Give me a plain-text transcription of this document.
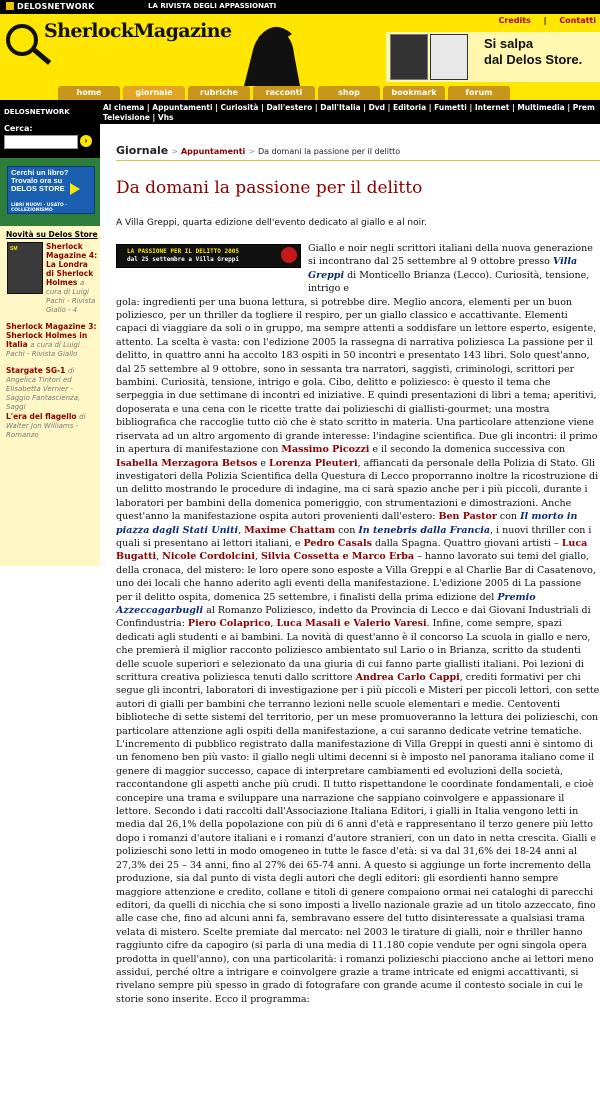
DELOSNETWORK	LA RIVISTA DEGLI APPASSIONATI
SherlockMagazine	Credits | Contatti
Si salpa
dal Delos Store.
home	giornale	rubriche	racconti	shop	bookmark	forum
DELOSNETWORK	Al cinema | Appuntamenti | Curiosità | Dall'estero | Dall'Italia | Dvd | Editoria | Fumetti | Internet | Multimedia | Prem
Televisione | Vhs
Cerca:
›
Cerchi un libro?
Trovalo ora su
DELOS STORE
LIBRI NUOVI · USATO · COLLEZIONISMO
Novità su Delos Store
SM	Sherlock Magazine 4: La Londra di Sherlock Holmes a cura di Luigi Pachì - Rivista Giallo - 4
Sherlock Magazine 3: Sherlock Holmes in Italia a cura di Luigi Pachì - Rivista Giallo
Stargate SG-1 di Angelica Tintori ed Elisabetta Vernier - Saggio Fantascienza, Saggi
L'era del flagello di Walter Jon Williams - Romanzo
Giornale > Appuntamenti > Da domani la passione per il delitto
Da domani la passione per il delitto
A Villa Greppi, quarta edizione dell'evento dedicato al giallo e al noir.
LA PASSIONE PER IL DELITTO 2005
dal 25 settembre a Villa Greppi
Giallo e noir negli scrittori italiani della nuova generazione si incontrano dal 25 settembre al 9 ottobre presso Villa Greppi di Monticello Brianza (Lecco). Curiosità, tensione, intrigo e
gola: ingredienti per una buona lettura, si potrebbe dire. Meglio ancora, elementi per un buon poliziesco, per un thriller da togliere il respiro, per un giallo classico e accattivante. Elementi capaci di viaggiare da soli o in gruppo, ma sempre attenti a soddisfare un lettore esperto, esigente, attento. La scelta è vasta: con l'edizione 2005 la rassegna di narrativa poliziesca La passione per il delitto, in quattro anni ha accolto 183 ospiti in 50 incontri e presentato 143 libri. Solo quest'anno, dal 25 settembre al 9 ottobre, sono in sessanta tra narratori, saggisti, criminologi, scrittori per bambini. Curiosità, tensione, intrigo e gola. Cibo, delitto e poliziesco: è questo il tema che serpeggia in due settimane di incontri ed iniziative. E quindi presentazioni di libri a tema; aperitivi, doposerata e una cena con le ricette tratte dai polizieschi di giallisti-gourmet; una mostra bibliografica che raccoglie tutto ciò che è stato scritto in materia. Una particolare attenzione viene riservata ad un altro argomento di grande interesse: l'indagine scientifica. Due gli incontri: il primo in apertura di manifestazione con Massimo Picozzi e il secondo la domenica successiva con Isabella Merzagora Betsos e Lorenza Pleuteri, affiancati da personale della Polizia di Stato. Gli investigatori della Polizia Scientifica della Questura di Lecco proporranno inoltre la ricostruzione di un delitto mostrando le procedure di indagine, ma ci sarà spazio anche per i più piccoli, durante i laboratori per bambini della domenica pomeriggio, con strumentazioni e dimostrazioni. Anche quest'anno la manifestazione ospita autori provenienti dall'estero: Ben Pastor con Il morto in piazza dagli Stati Uniti, Maxime Chattam con In tenebris dalla Francia, i nuovi thriller con i quali si presentano ai lettori italiani, e Pedro Casals dalla Spagna. Quattro giovani artisti – Luca Bugatti, Nicole Cordolcini, Silvia Cossetta e Marco Erba – hanno lavorato sui temi del giallo, della cronaca, del mistero: le loro opere sono esposte a Villa Greppi e al Charlie Bar di Casatenovo, uno dei locali che hanno aderito agli eventi della manifestazione. L'edizione 2005 di La passione per il delitto ospita, domenica 25 settembre, i finalisti della prima edizione del Premio Azzeccagarbugli al Romanzo Poliziesco, indetto da Provincia di Lecco e dai Giovani Industriali di Confindustria: Piero Colaprico, Luca Masali e Valerio Varesi. Infine, come sempre, spazi dedicati agli studenti e ai bambini. La novità di quest'anno è il concorso La scuola in giallo e nero, che premierà il miglior racconto poliziesco ambientato sul Lario o in Brianza, scritto da studenti delle scuole superiori e selezionato da una giuria di cui fanno parte giallisti italiani. Poi lezioni di scrittura creativa poliziesca tenuti dallo scrittore Andrea Carlo Cappi, crediti formativi per chi segue gli incontri, laboratori di investigazione per i più piccoli e Misteri per piccoli lettori, con sette autori di gialli per bambini che terranno lezioni nelle scuole elementari e medie. Centoventi biblioteche di sette sistemi del territorio, per un mese promuoveranno la lettura dei polizieschi, con particolare attenzione agli ospiti della manifestazione, a cui saranno dedicate vetrine tematiche. L'incremento di pubblico registrato dalla manifestazione di Villa Greppi in questi anni è sintomo di un fenomeno ben più vasto: il giallo negli ultimi decenni si è imposto nel panorama italiano come il genere di maggior successo, capace di interpretare cambiamenti ed evoluzioni della società, raccontandone gli aspetti anche più crudi. Il tutto rispettandone le coordinate fondamentali, e cioè concepire una trama e sviluppare una narrazione che sappiano coinvolgere e appassionare il lettore. Secondo i dati raccolti dall'Associazione Italiana Editori, i gialli in Italia vengono letti in media dal 26,1% della popolazione con più di 6 anni d'età e rappresentano il terzo genere più letto dopo i romanzi d'autore italiani e i romanzi d'autore stranieri, con un dato in netta crescita. Gialli e polizieschi sono letti in modo omogeneo in tutte le fasce d'età: si va dal 31,6% dei 18-24 anni al 27,3% dei 25 – 34 anni, fino al 27% dei 65-74 anni. A questo si aggiunge un forte incremento della produzione, sia dal punto di vista degli autori che degli editori: gli esordienti hanno sempre maggiore attenzione e credito, collane e titoli di genere compaiono ormai nei cataloghi di parecchi editori, da quelli di nicchia che si sono imposti a livello nazionale grazie ad un titolo azzeccato, fino alle case che, fino ad alcuni anni fa, sembravano essere del tutto disinteressate a qualsiasi trama velata di mistero. Scelte premiate dal mercato: nel 2003 le tirature di gialli, noir e thriller hanno raggiunto cifre da capogiro (si parla di una media di 11.180 copie vendute per ogni singola opera prodotta in quell'anno), con una particolarità: i romanzi polizieschi piacciono anche ai lettori meno assidui, perché oltre a intrigare e coinvolgere grazie a trame intricate ed enigmi accattivanti, si rivelano sempre più spesso in grado di fotografare con grande acume il contesto sociale in cui le storie sono inserite. Ecco il programma:
